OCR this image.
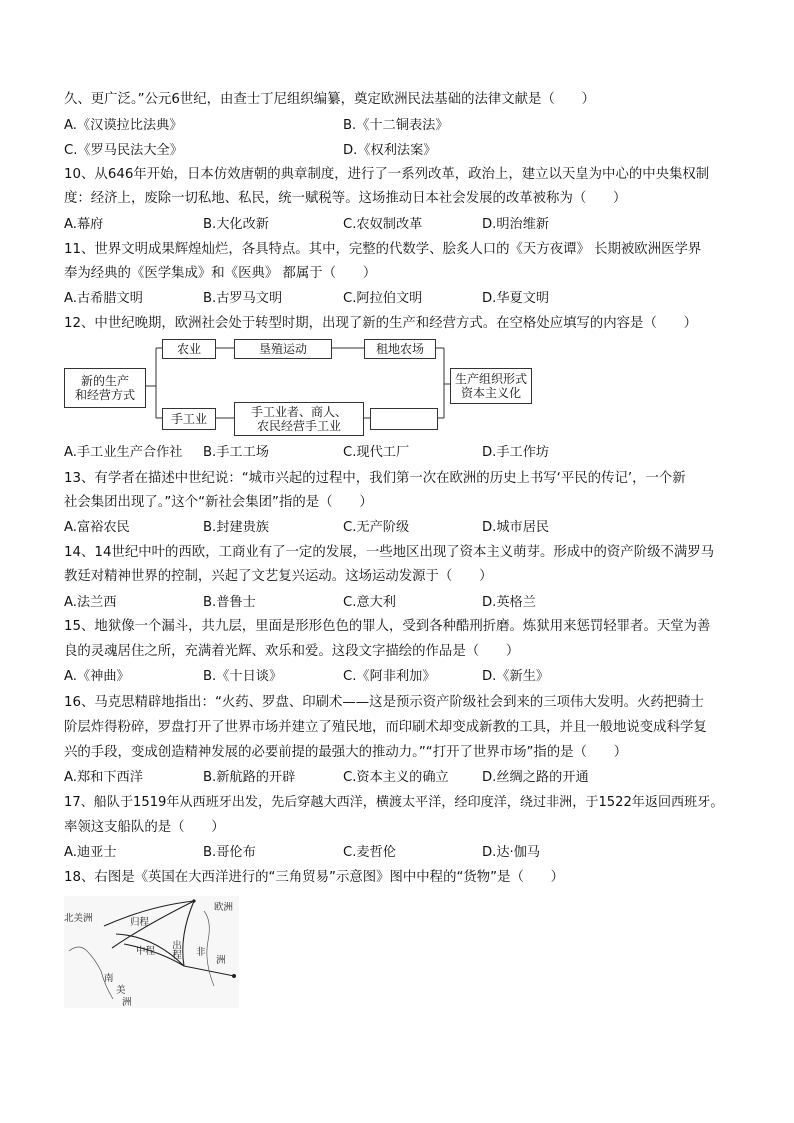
久、更广泛。”公元6世纪，由查士丁尼组织编纂，奠定欧洲民法基础的法律文献是（　　）
A.《汉谟拉比法典》	B.《十二铜表法》
C.《罗马民法大全》	D.《权利法案》
10、从646年开始，日本仿效唐朝的典章制度，进行了一系列改革，政治上，建立以天皇为中心的中央集权制
度：经济上，废除一切私地、私民，统一赋税等。这场推动日本社会发展的改革被称为（　　）
A.幕府	B.大化改新	C.农奴制改革	D.明治维新
11、世界文明成果辉煌灿烂，各具特点。其中，完整的代数学、脍炙人口的《天方夜谭》 长期被欧洲医学界
奉为经典的《医学集成》和《医典》 都属于（　　）
A.古希腊文明	B.古罗马文明	C.阿拉伯文明	D.华夏文明
12、中世纪晚期，欧洲社会处于转型时期，出现了新的生产和经营方式。在空格处应填写的内容是（　　）
新的生产
和经营方式
农业	垦殖运动	租地农场
手工业	手工业者、商人、
农民经营手工业
生产组织形式
资本主义化
A.手工业生产合作社 B.手工工场	C.现代工厂	D.手工作坊
13、有学者在描述中世纪说：“城市兴起的过程中，我们第一次在欧洲的历史上书写‘平民的传记’，一个新
社会集团出现了。”这个“新社会集团”指的是（　　）
A.富裕农民	B.封建贵族	C.无产阶级	D.城市居民
14、14世纪中叶的西欧，工商业有了一定的发展，一些地区出现了资本主义萌芽。形成中的资产阶级不满罗马
教廷对精神世界的控制，兴起了文艺复兴运动。这场运动发源于（　　）
A.法兰西	B.普鲁士	C.意大利	D.英格兰
15、地狱像一个漏斗，共九层，里面是形形色色的罪人，受到各种酷刑折磨。炼狱用来惩罚轻罪者。天堂为善
良的灵魂居住之所，充满着光辉、欢乐和爱。这段文字描绘的作品是（　　）
A.《神曲》	B.《十日谈》	C.《阿非利加》	D.《新生》
16、马克思精辟地指出：“火药、罗盘、印刷术——这是预示资产阶级社会到来的三项伟大发明。火药把骑士
阶层炸得粉碎，罗盘打开了世界市场并建立了殖民地，而印刷术却变成新教的工具，并且一般地说变成科学复
兴的手段，变成创造精神发展的必要前提的最强大的推动力。”“打开了世界市场”指的是（　　）
A.郑和下西洋	B.新航路的开辟	C.资本主义的确立	D.丝绸之路的开通
17、船队于1519年从西班牙出发，先后穿越大西洋，横渡太平洋，经印度洋，绕过非洲，于1522年返回西班牙。
率领这支船队的是（　　）
A.迪亚士	B.哥伦布	C.麦哲伦	D.达·伽马
18、右图是《英国在大西洋进行的“三角贸易”示意图》图中中程的“货物”是（　　）
北美洲
欧洲
归程
出程
中程	非
洲
南
美
洲
